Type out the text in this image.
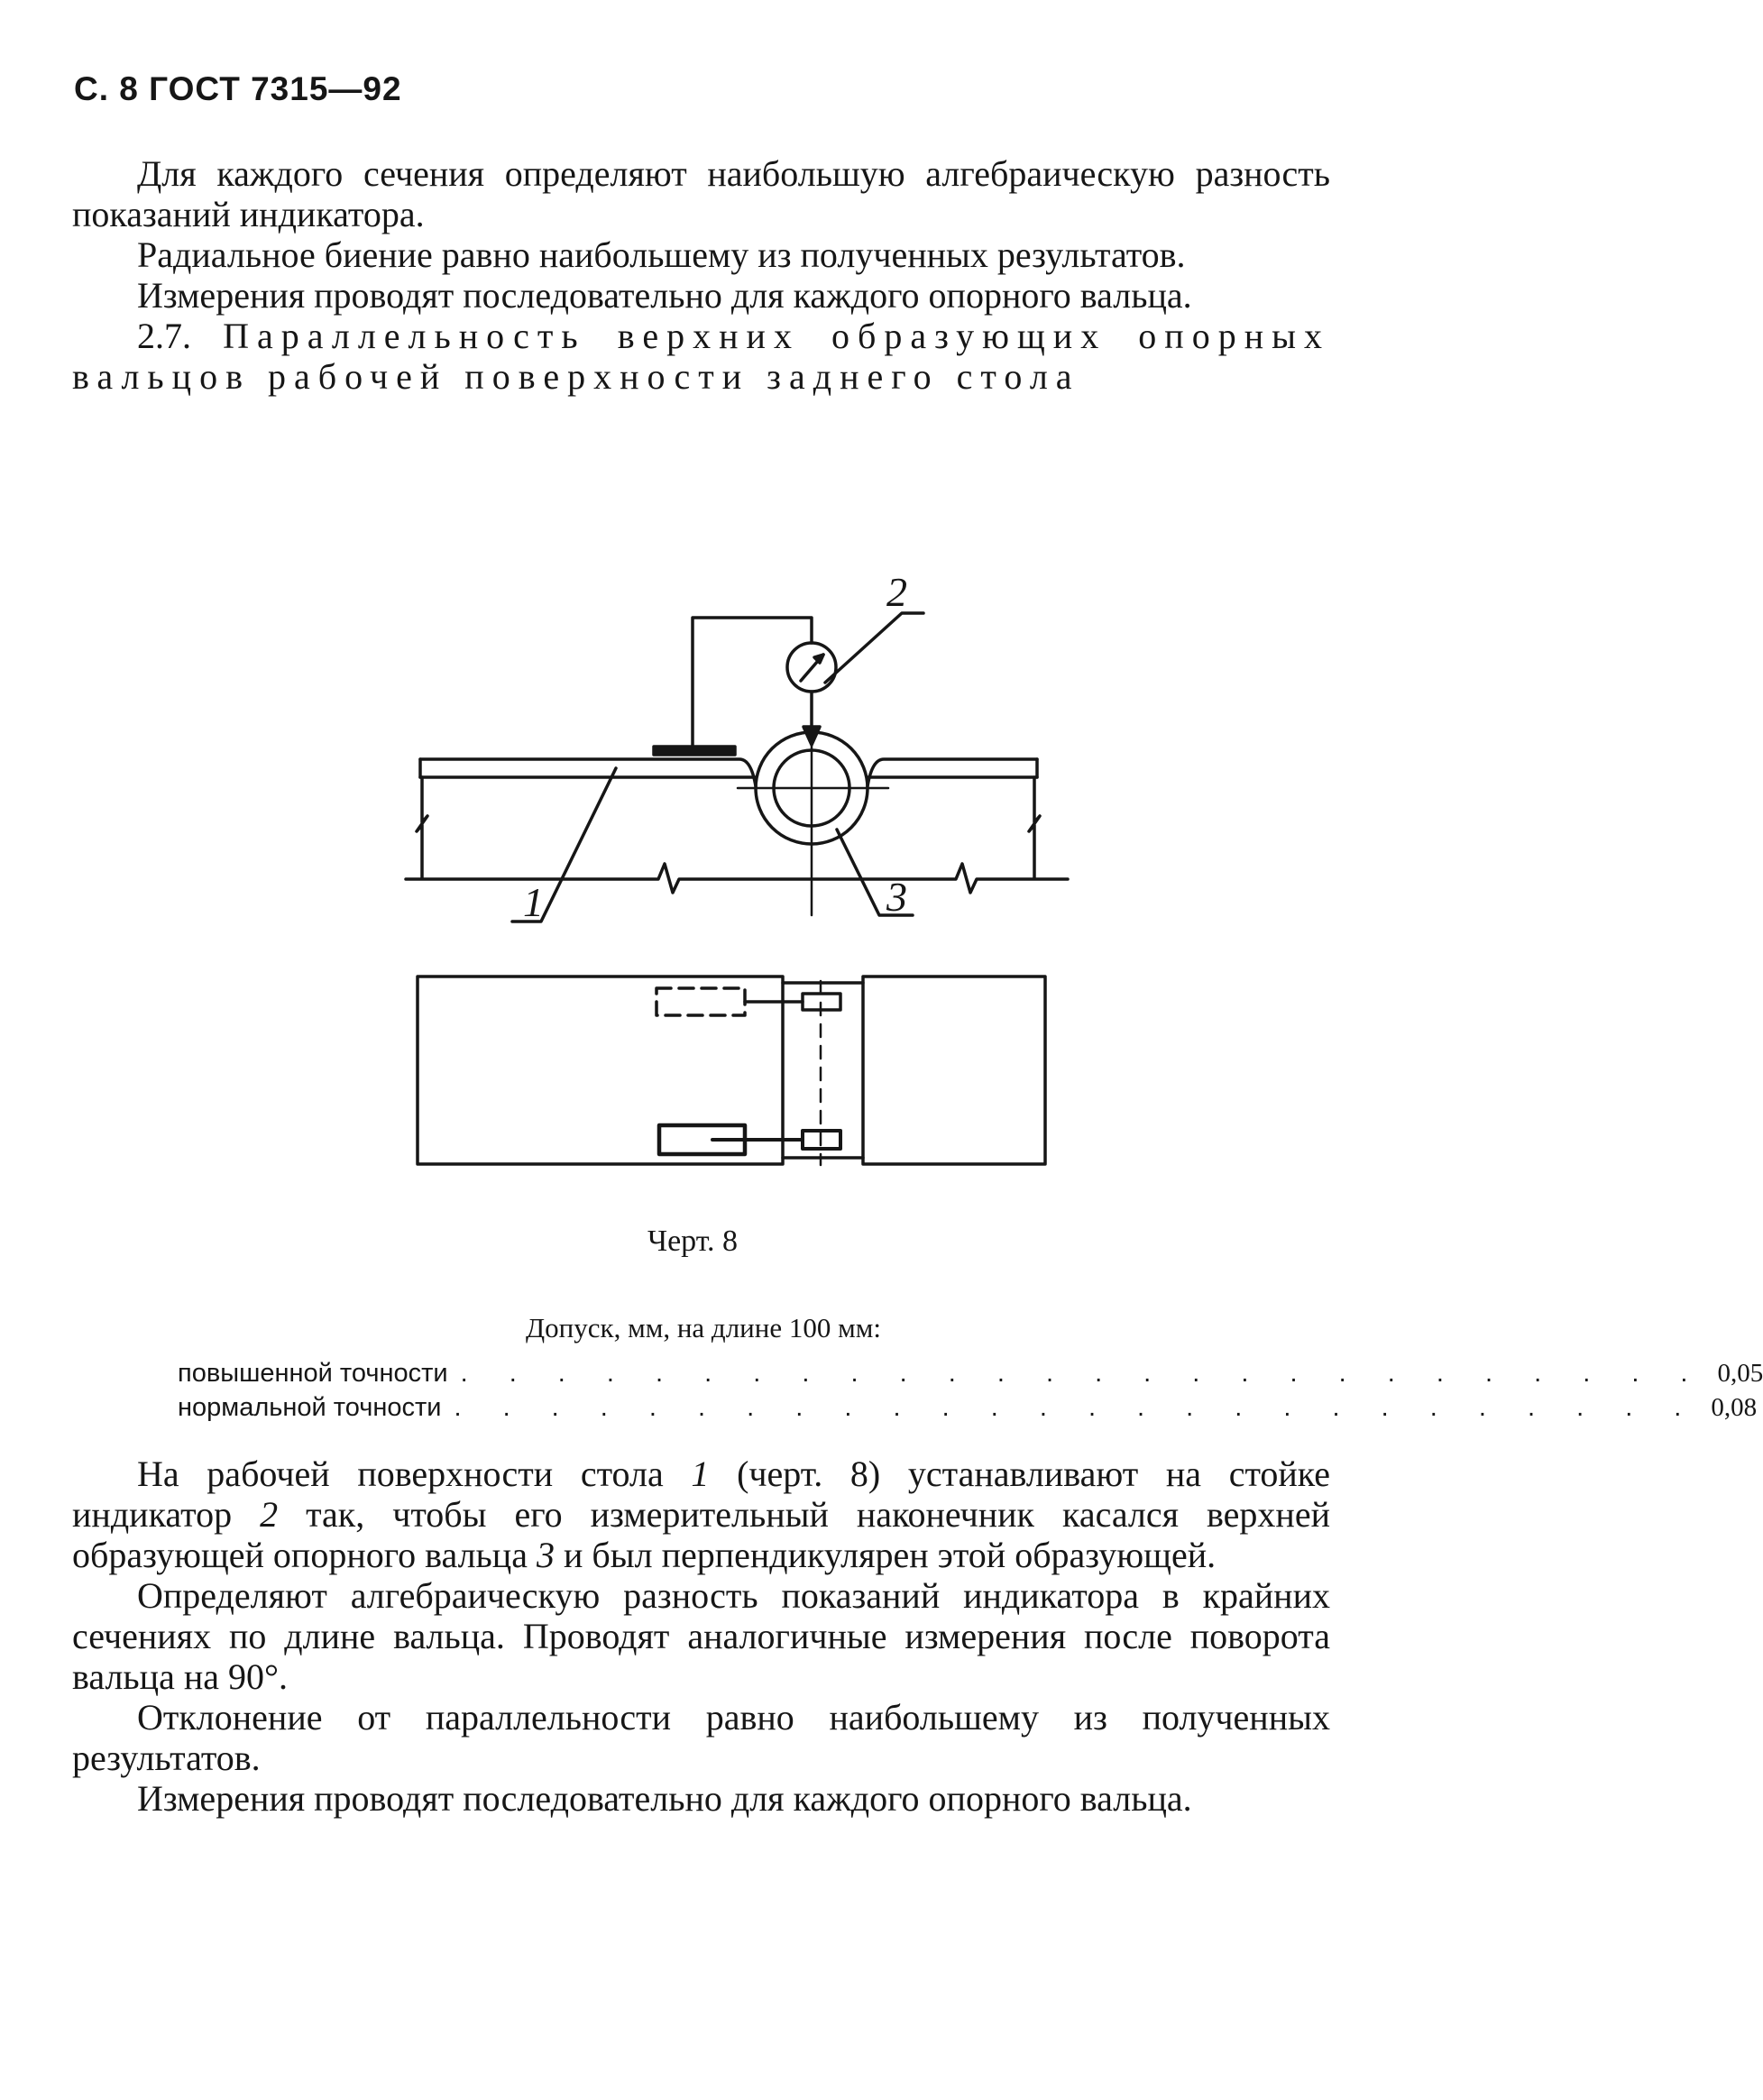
С. 8 ГОСТ 7315—92

Для каждого сечения определяют наибольшую алгебраическую разность показаний индикатора.

Радиальное биение равно наибольшему из полученных результатов.

Измерения проводят последовательно для каждого опорного вальца.

2.7. Параллельность верхних образующих опорных вальцов рабочей поверхности заднего стола

1
2
3
Черт. 8
Допуск, мм, на длине 100 мм:
повышенной точности . . . . . . . . . . . . . . . . . . . . . . . . . . 0,05
нормальной точности . . . . . . . . . . . . . . . . . . . . . . . . . . 0,08

На рабочей поверхности стола 1 (черт. 8) устанавливают на стойке индикатор 2 так, чтобы его измерительный наконечник касался верхней образующей опорного вальца 3 и был перпендикулярен этой образующей.

Определяют алгебраическую разность показаний индикатора в крайних сечениях по длине вальца. Проводят аналогичные измерения после поворота вальца на 90°.

Отклонение от параллельности равно наибольшему из полученных результатов.

Измерения проводят последовательно для каждого опорного вальца.
